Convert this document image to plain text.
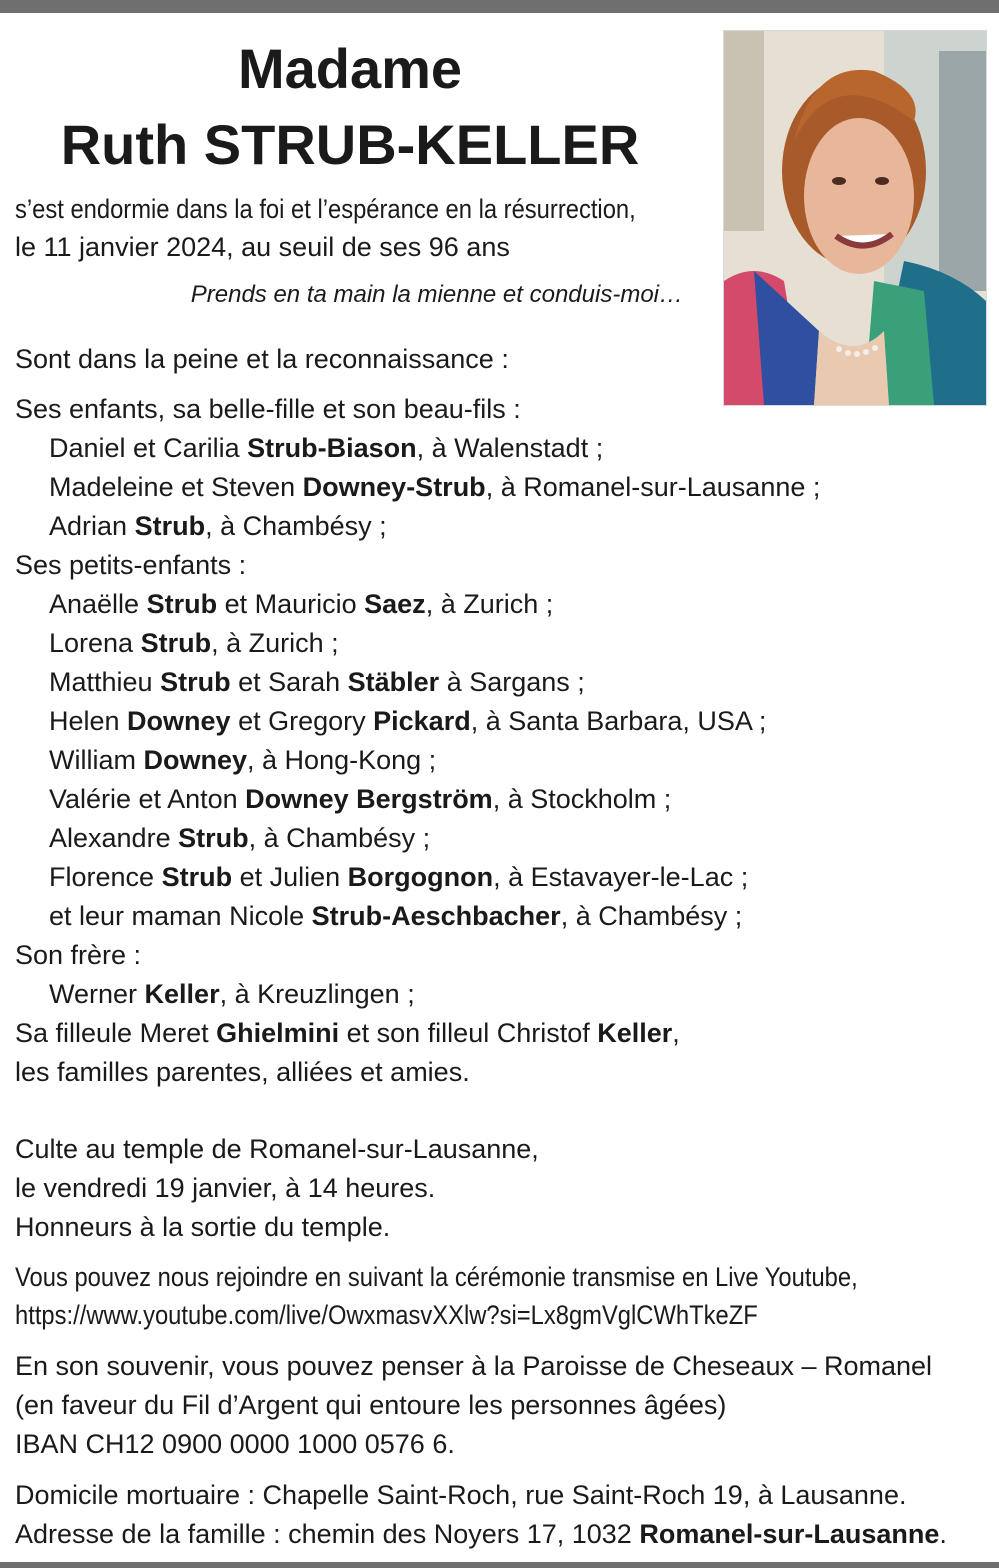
Madame
Ruth STRUB-KELLER
s’est endormie dans la foi et l’espérance en la résurrection,
le 11 janvier 2024, au seuil de ses 96 ans
Prends en ta main la mienne et conduis-moi…
Sont dans la peine et la reconnaissance :
Ses enfants, sa belle-fille et son beau-fils :
Daniel et Carilia Strub-Biason, à Walenstadt ;
Madeleine et Steven Downey-Strub, à Romanel-sur-Lausanne ;
Adrian Strub, à Chambésy ;
Ses petits-enfants :
Anaëlle Strub et Mauricio Saez, à Zurich ;
Lorena Strub, à Zurich ;
Matthieu Strub et Sarah Stäbler à Sargans ;
Helen Downey et Gregory Pickard, à Santa Barbara, USA ;
William Downey, à Hong-Kong ;
Valérie et Anton Downey Bergström, à Stockholm ;
Alexandre Strub, à Chambésy ;
Florence Strub et Julien Borgognon, à Estavayer-le-Lac ;
et leur maman Nicole Strub-Aeschbacher, à Chambésy ;
Son frère :
Werner Keller, à Kreuzlingen ;
Sa filleule Meret Ghielmini et son filleul Christof Keller,
les familles parentes, alliées et amies.
Culte au temple de Romanel-sur-Lausanne,
le vendredi 19 janvier, à 14 heures.
Honneurs à la sortie du temple.
Vous pouvez nous rejoindre en suivant la cérémonie transmise en Live Youtube,
https://www.youtube.com/live/OwxmasvXXlw?si=Lx8gmVglCWhTkeZF
En son souvenir, vous pouvez penser à la Paroisse de Cheseaux – Romanel
(en faveur du Fil d’Argent qui entoure les personnes âgées)
IBAN CH12 0900 0000 1000 0576 6.
Domicile mortuaire : Chapelle Saint-Roch, rue Saint-Roch 19, à Lausanne.
Adresse de la famille : chemin des Noyers 17, 1032 Romanel-sur-Lausanne.
